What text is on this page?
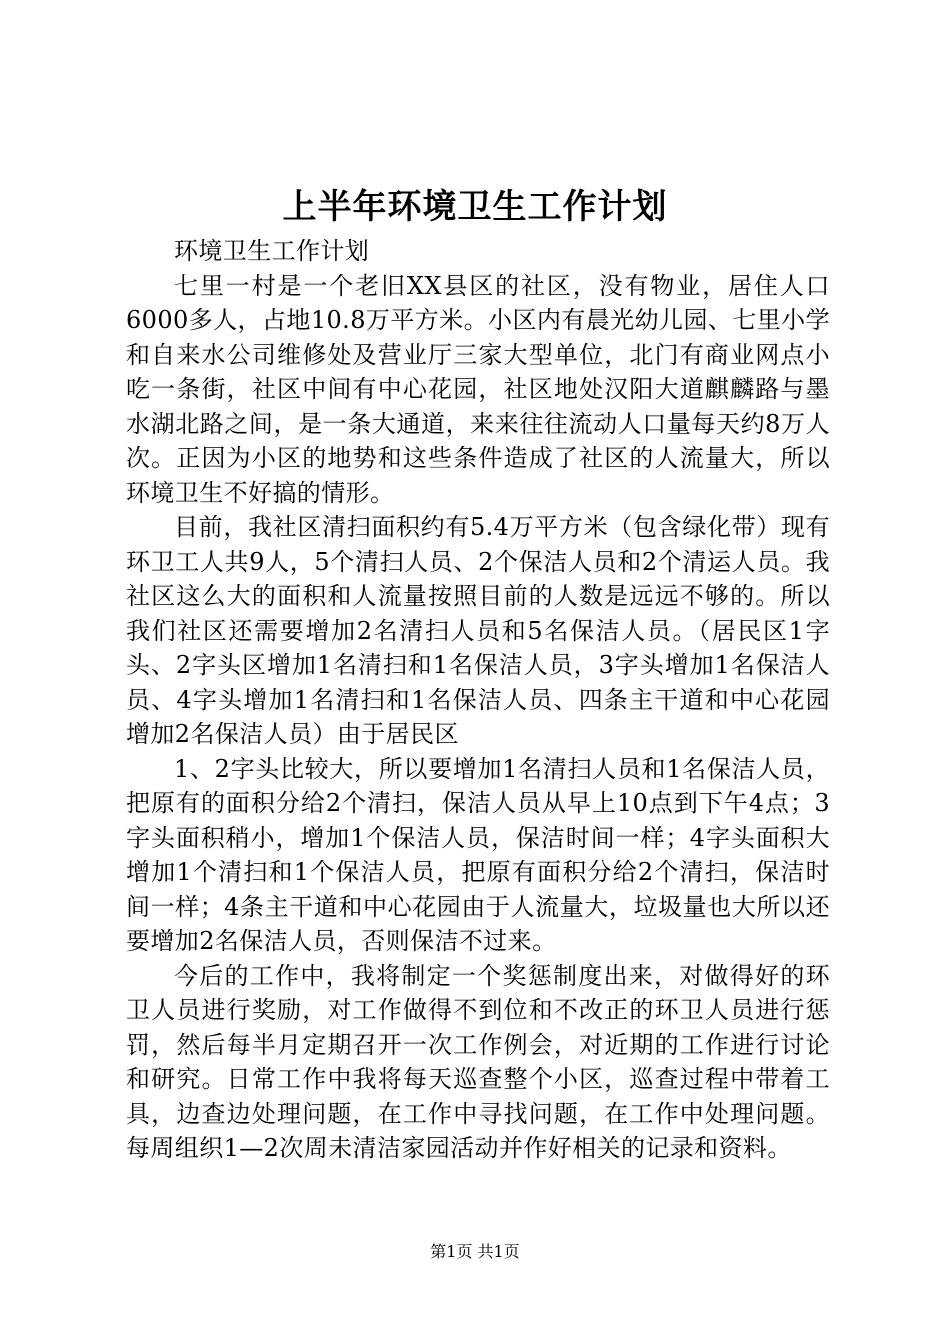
上半年环境卫生工作计划

环境卫生工作计划

七里一村是一个老旧XX县区的社区，没有物业，居住人口6000多人，占地10.8万平方米。小区内有晨光幼儿园、七里小学和自来水公司维修处及营业厅三家大型单位，北门有商业网点小吃一条街，社区中间有中心花园，社区地处汉阳大道麒麟路与墨水湖北路之间，是一条大通道，来来往往流动人口量每天约8万人次。正因为小区的地势和这些条件造成了社区的人流量大，所以环境卫生不好搞的情形。

目前，我社区清扫面积约有5.4万平方米（包含绿化带）现有环卫工人共9人，5个清扫人员、2个保洁人员和2个清运人员。我社区这么大的面积和人流量按照目前的人数是远远不够的。所以我们社区还需要增加2名清扫人员和5名保洁人员。（居民区1字头、2字头区增加1名清扫和1名保洁人员，3字头增加1名保洁人员、4字头增加1名清扫和1名保洁人员、四条主干道和中心花园增加2名保洁人员）由于居民区

1、2字头比较大，所以要增加1名清扫人员和1名保洁人员，把原有的面积分给2个清扫，保洁人员从早上10点到下午4点；3字头面积稍小，增加1个保洁人员，保洁时间一样；4字头面积大增加1个清扫和1个保洁人员，把原有面积分给2个清扫，保洁时间一样；4条主干道和中心花园由于人流量大，垃圾量也大所以还要增加2名保洁人员，否则保洁不过来。

今后的工作中，我将制定一个奖惩制度出来，对做得好的环卫人员进行奖励，对工作做得不到位和不改正的环卫人员进行惩罚，然后每半月定期召开一次工作例会，对近期的工作进行讨论和研究。日常工作中我将每天巡查整个小区，巡查过程中带着工具，边查边处理问题，在工作中寻找问题，在工作中处理问题。每周组织1—2次周未清洁家园活动并作好相关的记录和资料。

第1页 共1页
